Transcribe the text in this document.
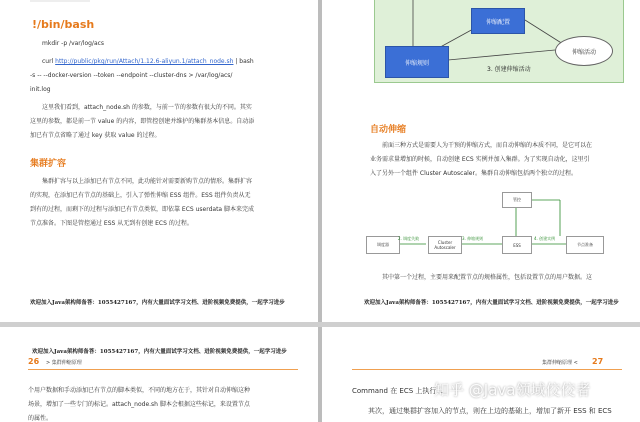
!/bin/bash
mkdir -p /var/log/acs
curl http://public/pkg/run/Attach/1.12.6-aliyun.1/attach_node.sh | bash
-s -- --docker-version --token --endpoint --cluster-dns > /var/log/acs/
init.log
这里我们看到，attach_node.sh 的参数，与前一节的参数有很大的不同。其实
这里的参数，都是前一节 value 的内容，即管控创建并维护的集群基本信息。自动添
加已有节点省略了通过 key 获取 value 的过程。
集群扩容
集群扩容与以上添加已有节点不同，此功能针对需要新购节点的情形。集群扩容
的实现，在添加已有节点的基础上，引入了弹性伸缩 ESS 组件。ESS 组件负责从无
到有的过程，而剩下的过程与添加已有节点类似，即依靠 ECS userdata 脚本来完成
节点准备。下图是管控通过 ESS 从无到有创建 ECS 的过程。
欢迎加入Java架构师备答：1055427167，内有大量面试学习文档、进阶视频免费提供，一起学习进步
伸缩配置
伸缩规则
伸缩活动
3. 创建伸缩活动
自动伸缩
前面三种方式是需要人为干预的伸缩方式，而自动伸缩的本质不同，是它可以在
业务需求量增加的时候，自动创建 ECS 实例并加入集群。为了实现自动化，这里引
入了另外一个组件 Cluster Autoscaler。集群自动伸缩包括两个独立的过程。
管控
调度器	Cluster Autoscaler	ESS	节点准备
2. 调度失败	3. 伸缩规则	4. 创建实例
其中第一个过程，主要用来配置节点的规格属性，包括设置节点的用户数据。这
欢迎加入Java架构师备答：1055427167，内有大量面试学习文档、进阶视频免费提供，一起学习进步
欢迎加入Java架构师备答：1055427167，内有大量面试学习文档、进阶视频免费提供，一起学习进步
26 > 集群伸缩原理
个用户数据和手动添加已有节点的脚本类似，不同的地方在于，其针对自动伸缩这种
场景，增加了一些专门的标记。attach_node.sh 脚本会根据这些标记，来设置节点
的属性。
集群伸缩原理 < 27
Command 在 ECS 上执行...
其次，通过集群扩容加入的节点，则在上边的基础上，增加了新开 ESS 和 ECS
知乎 @Java领域佼佼者
